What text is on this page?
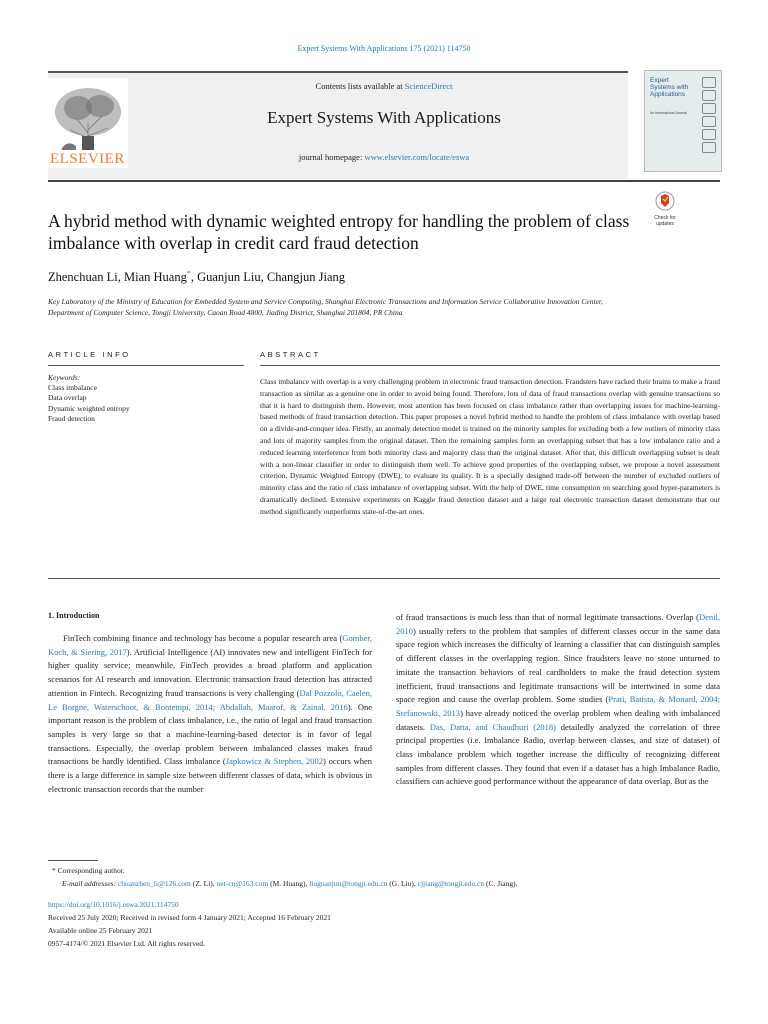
Expert Systems With Applications 175 (2021) 114750
ELSEVIER
Contents lists available at ScienceDirect
Expert Systems With Applications
journal homepage: www.elsevier.com/locate/eswa
Expert Systems with Applications
An International Journal
Check for updates
A hybrid method with dynamic weighted entropy for handling the problem of class imbalance with overlap in credit card fraud detection
Zhenchuan Li, Mian Huang*, Guanjun Liu, Changjun Jiang
Key Laboratory of the Ministry of Education for Embedded System and Service Computing, Shanghai Electronic Transactions and Information Service Collaborative Innovation Center, Department of Computer Science, Tongji University, Caoan Road 4800, Jiading District, Shanghai 201804, PR China
ARTICLE INFO
Keywords:
Class imbalance
Data overlap
Dynamic weighted entropy
Fraud detection
ABSTRACT
Class imbalance with overlap is a very challenging problem in electronic fraud transaction detection. Fraudsters have racked their brains to make a fraud transaction as similar as a genuine one in order to avoid being found. Therefore, lots of data of fraud transactions overlap with genuine transactions so that it is hard to distinguish them. However, most attention has been focused on class imbalance rather than overlapping issues for machine-learning-based methods of fraud transaction detection. This paper proposes a novel hybrid method to handle the problem of class imbalance with overlap based on a divide-and-conquer idea. Firstly, an anomaly detection model is trained on the minority samples for excluding both a few outliers of minority class and lots of majority samples from the original dataset. Then the remaining samples form an overlapping subset that has a low imbalance ratio and a reduced learning interference from both minority class and majority class than the original dataset. After that, this difficult overlapping subset is dealt with a non-linear classifier in order to distinguish them well. To achieve good properties of the overlapping subset, we propose a novel assessment criterion, Dynamic Weighted Entropy (DWE), to evaluate its quality. It is a specially designed trade-off between the number of excluded outliers of minority class and the ratio of class imbalance of overlapping subset. With the help of DWE, time consumption on searching good hyper-parameters is dramatically declined. Extensive experiments on Kaggle fraud detection dataset and a large real electronic transaction dataset demonstrate that our method significantly outperforms state-of-the-art ones.
1. Introduction
FinTech combining finance and technology has become a popular research area (Gomber, Koch, & Siering, 2017). Artificial Intelligence (AI) innovates new and intelligent FinTech for higher quality service; meanwhile, FinTech provides a broad platform and application scenarios for AI research and innovation. Electronic transaction fraud detection has attracted attention in Fintech. Recognizing fraud transactions is very challenging (Dal Pozzolo, Caelen, Le Borgne, Waterschoot, & Bontempi, 2014; Abdallah, Maarof, & Zainal, 2016). One important reason is the problem of class imbalance, i.e., the ratio of legal and fraud transaction samples is very large so that a machine-learning-based detector is in favor of legal transactions. Especially, the overlap problem between imbalanced classes makes fraud transactions be hardly identified. Class imbalance (Japkowicz & Stephen, 2002) occurs when there is a large difference in sample size between different classes of data, which is obvious in electronic transaction records that the number
of fraud transactions is much less than that of normal legitimate transactions. Overlap (Denil, 2010) usually refers to the problem that samples of different classes occur in the same data space region which increases the difficulty of learning a classifier that can distinguish samples of different classes in the overlapping region. Since fraudsters leave no stone unturned to imitate the transaction behaviors of real cardholders to make the fraud detection system inefficient, fraud transactions and legitimate transactions will be intertwined in some data space region and cause the overlap problem. Some studies (Prati, Batista, & Monard, 2004; Stefanowski, 2013) have already noticed the overlap problem when dealing with imbalanced datasets. Das, Datta, and Chaudhuri (2018) detailedly analyzed the correlation of three principal properties (i.e. Imbalance Radio, overlap between classes, and size of dataset) of class imbalance problem which together increase the difficulty of recognizing different samples from different classes. They found that even if a dataset has a high Imbalance Radio, classifiers can achieve good performance without the appearance of data overlap. But as the
* Corresponding author.
E-mail addresses: chuanzhen_li@126.com (Z. Li), net-cn@163.com (M. Huang), liuguanjun@tongji.edu.cn (G. Liu), cjjiang@tongji.edu.cn (C. Jiang).
https://doi.org/10.1016/j.eswa.2021.114750
Received 25 July 2020; Received in revised form 4 January 2021; Accepted 16 February 2021
Available online 25 February 2021
0957-4174/© 2021 Elsevier Ltd. All rights reserved.
